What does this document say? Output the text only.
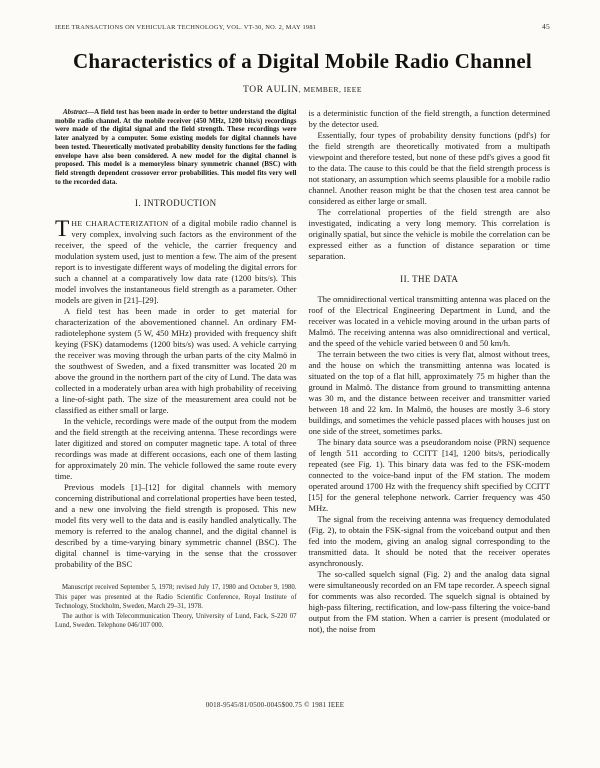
IEEE TRANSACTIONS ON VEHICULAR TECHNOLOGY, VOL. VT-30, NO. 2, MAY 1981	45
Characteristics of a Digital Mobile Radio Channel
TOR AULIN, MEMBER, IEEE

Abstract—A field test has been made in order to better understand the digital mobile radio channel. At the mobile receiver (450 MHz, 1200 bits/s) recordings were made of the digital signal and the field strength. These recordings were later analyzed by a computer. Some existing models for digital channels have been tested. Theoretically motivated probability density functions for the fading envelope have also been considered. A new model for the digital channel is proposed. This model is a memoryless binary symmetric channel (BSC) with field strength dependent crossover error probabilities. This model fits very well to the recorded data.

I. INTRODUCTION

THE CHARACTERIZATION of a digital mobile radio channel is very complex, involving such factors as the environment of the receiver, the speed of the vehicle, the carrier frequency and modulation system used, just to mention a few. The aim of the present report is to investigate different ways of modeling the digital errors for such a channel at a comparatively low data rate (1200 bits/s). This model involves the instantaneous field strength as a parameter. Other models are given in [21]–[29].

A field test has been made in order to get material for characterization of the abovementioned channel. An ordinary FM-radiotelephone system (5 W, 450 MHz) provided with frequency shift keying (FSK) datamodems (1200 bits/s) was used. A vehicle carrying the receiver was moving through the urban parts of the city Malmö in the southwest of Sweden, and a fixed transmitter was located 20 m above the ground in the northern part of the city of Lund. The data was collected in a moderately urban area with high probability of receiving a line-of-sight path. The size of the measurement area could not be classified as either small or large.

In the vehicle, recordings were made of the output from the modem and the field strength at the receiving antenna. These recordings were later digitized and stored on computer magnetic tape. A total of three recordings was made at different occasions, each one of them lasting for approximately 20 min. The vehicle followed the same route every time.

Previous models [1]–[12] for digital channels with memory concerning distributional and correlational properties have been tested, and a new one involving the field strength is proposed. This new model fits very well to the data and is easily handled analytically. The memory is referred to the analog channel, and the digital channel is described by a time-varying binary symmetric channel (BSC). The digital channel is time-varying in the sense that the crossover probability of the BSC

Manuscript received September 5, 1978; revised July 17, 1980 and October 9, 1980. This paper was presented at the Radio Scientific Conference, Royal Institute of Technology, Stockholm, Sweden, March 29–31, 1978.

The author is with Telecommunication Theory, University of Lund, Fack, S-220 07 Lund, Sweden. Telephone 046/107 000.

is a deterministic function of the field strength, a function determined by the detector used.

Essentially, four types of probability density functions (pdf's) for the field strength are theoretically motivated from a multipath viewpoint and therefore tested, but none of these pdf's gives a good fit to the data. The cause to this could be that the field strength process is not stationary, an assumption which seems plausible for a mobile radio channel. Another reason might be that the chosen test area cannot be considered as either large or small.

The correlational properties of the field strength are also investigated, indicating a very long memory. This correlation is originally spatial, but since the vehicle is mobile the correlation can be expressed either as a function of distance separation or time separation.

II. THE DATA

The omnidirectional vertical transmitting antenna was placed on the roof of the Electrical Engineering Department in Lund, and the receiver was located in a vehicle moving around in the urban parts of Malmö. The receiving antenna was also omnidirectional and vertical, and the speed of the vehicle varied between 0 and 50 km/h.

The terrain between the two cities is very flat, almost without trees, and the house on which the transmitting antenna was located is situated on the top of a flat hill, approximately 75 m higher than the ground in Malmö. The distance from ground to transmitting antenna was 30 m, and the distance between receiver and transmitter varied between 18 and 22 km. In Malmö, the houses are mostly 3–6 story buildings, and sometimes the vehicle passed places with houses just on one side of the street, sometimes parks.

The binary data source was a pseudorandom noise (PRN) sequence of length 511 according to CCITT [14], 1200 bits/s, periodically repeated (see Fig. 1). This binary data was fed to the FSK-modem connected to the voice-band input of the FM station. The modem operated around 1700 Hz with the frequency shift specified by CCITT [15] for the general telephone network. Carrier frequency was 450 MHz.

The signal from the receiving antenna was frequency demodulated (Fig. 2), to obtain the FSK-signal from the voiceband output and then fed into the modem, giving an analog signal corresponding to the transmitted data. It should be noted that the receiver operates asynchronously.

The so-called squelch signal (Fig. 2) and the analog data signal were simultaneously recorded on an FM tape recorder. A speech signal for comments was also recorded. The squelch signal is obtained by high-pass filtering, rectification, and low-pass filtering the voice-band output from the FM station. When a carrier is present (modulated or not), the noise from

0018-9545/81/0500-0045$00.75 © 1981 IEEE
